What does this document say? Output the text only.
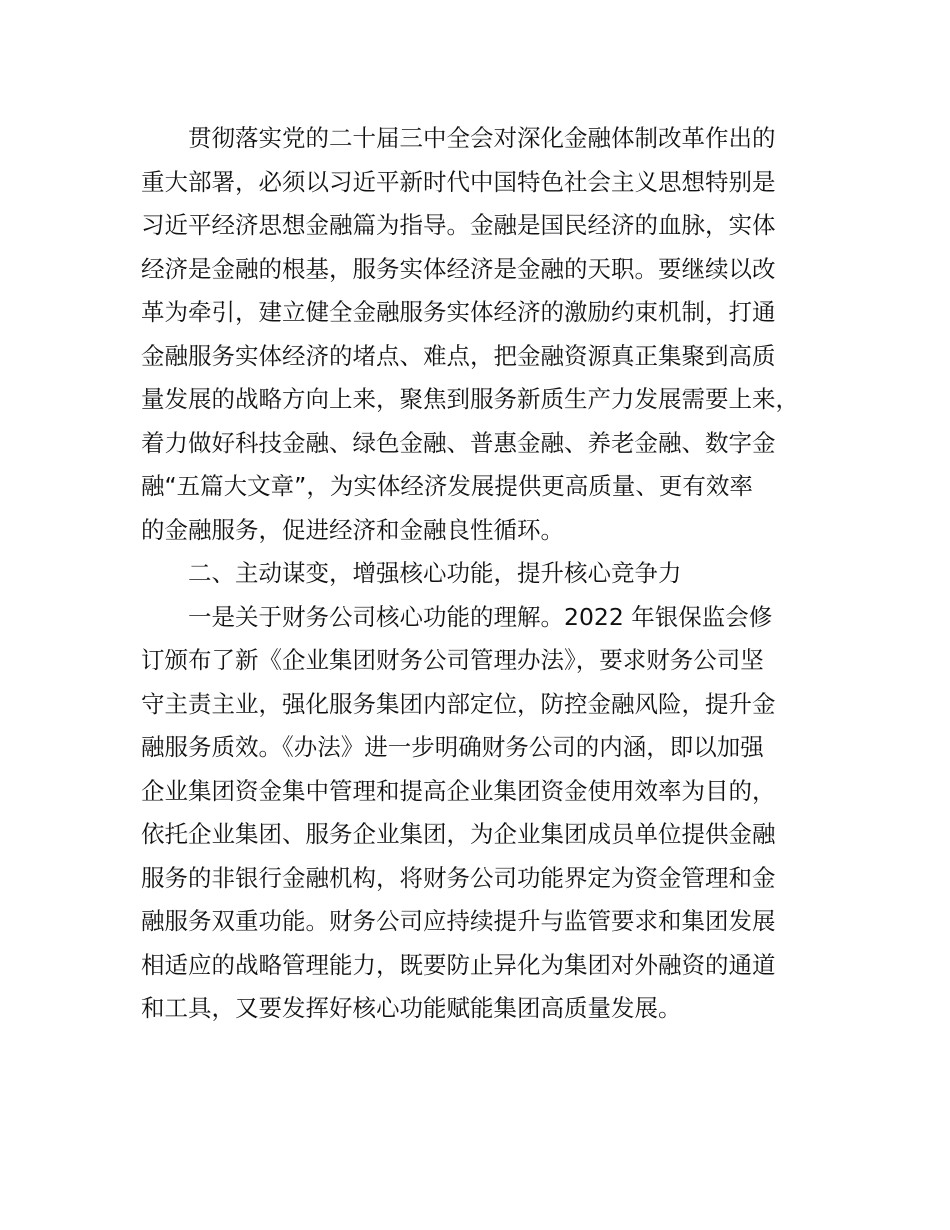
贯彻落实党的二十届三中全会对深化金融体制改革作出的
重大部署，必须以习近平新时代中国特色社会主义思想特别是
习近平经济思想金融篇为指导。金融是国民经济的血脉，实体
经济是金融的根基，服务实体经济是金融的天职。要继续以改
革为牵引，建立健全金融服务实体经济的激励约束机制，打通
金融服务实体经济的堵点、难点，把金融资源真正集聚到高质
量发展的战略方向上来，聚焦到服务新质生产力发展需要上来，
着力做好科技金融、绿色金融、普惠金融、养老金融、数字金
融“五篇大文章”，为实体经济发展提供更高质量、更有效率
的金融服务，促进经济和金融良性循环。

二、主动谋变，增强核心功能，提升核心竞争力

一是关于财务公司核心功能的理解。2022 年银保监会修
订颁布了新《企业集团财务公司管理办法》，要求财务公司坚
守主责主业，强化服务集团内部定位，防控金融风险，提升金
融服务质效。《办法》进一步明确财务公司的内涵，即以加强
企业集团资金集中管理和提高企业集团资金使用效率为目的，
依托企业集团、服务企业集团，为企业集团成员单位提供金融
服务的非银行金融机构，将财务公司功能界定为资金管理和金
融服务双重功能。财务公司应持续提升与监管要求和集团发展
相适应的战略管理能力，既要防止异化为集团对外融资的通道
和工具，又要发挥好核心功能赋能集团高质量发展。
